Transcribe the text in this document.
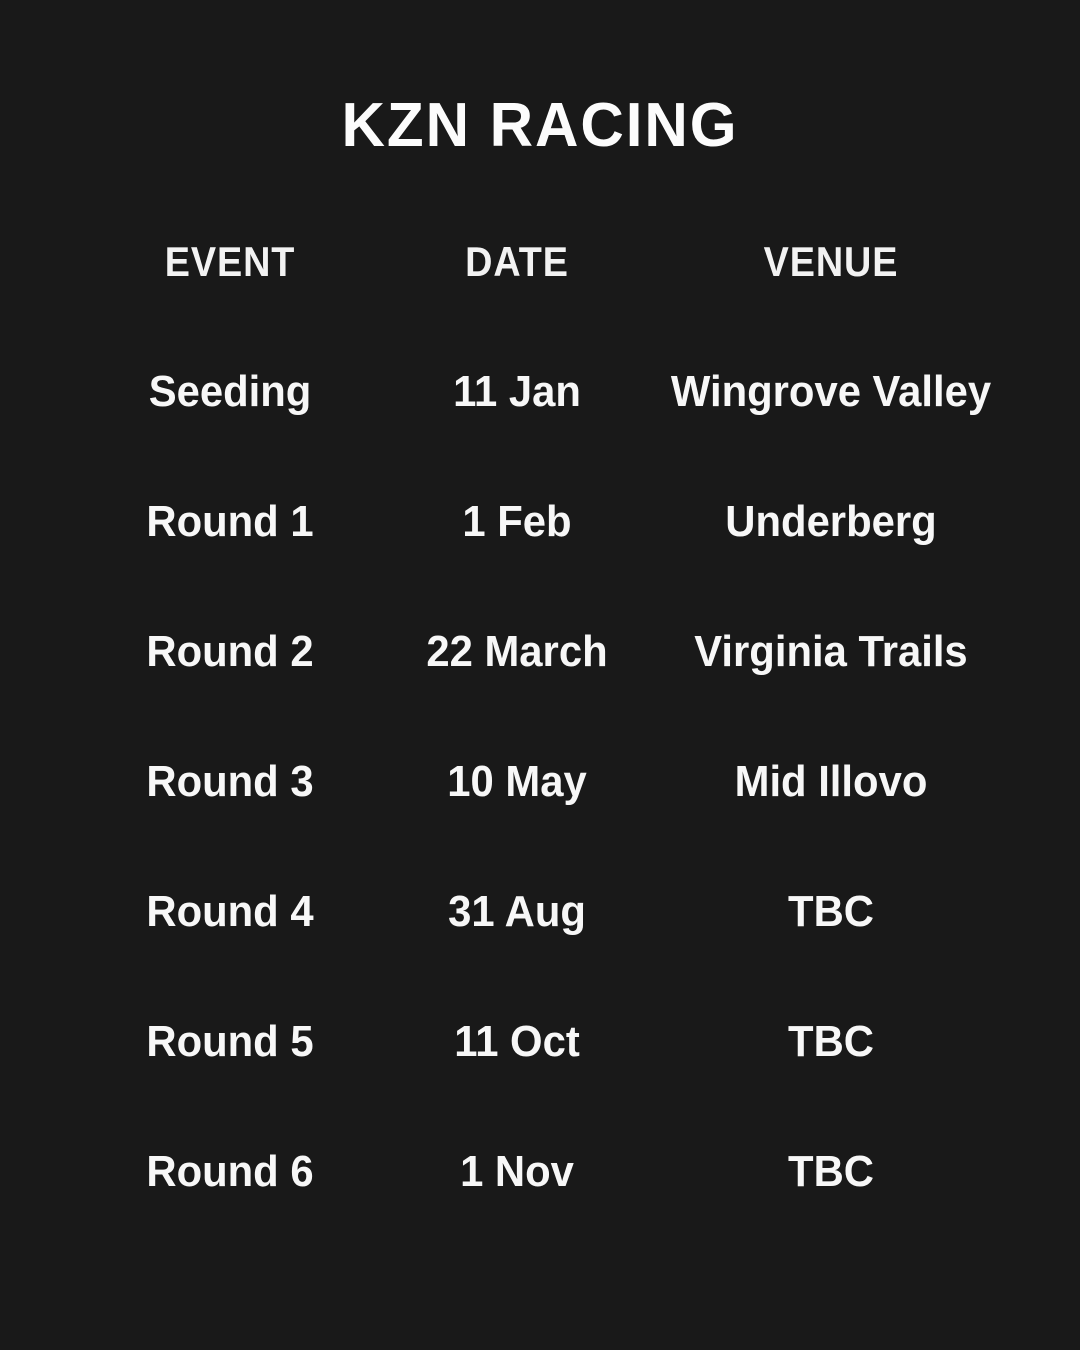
KZN RACING
EVENT	DATE	VENUE
Seeding	11 Jan	Wingrove Valley
Round 1	1 Feb	Underberg
Round 2	22 March	Virginia Trails
Round 3	10 May	Mid Illovo
Round 4	31 Aug	TBC
Round 5	11 Oct	TBC
Round 6	1 Nov	TBC
